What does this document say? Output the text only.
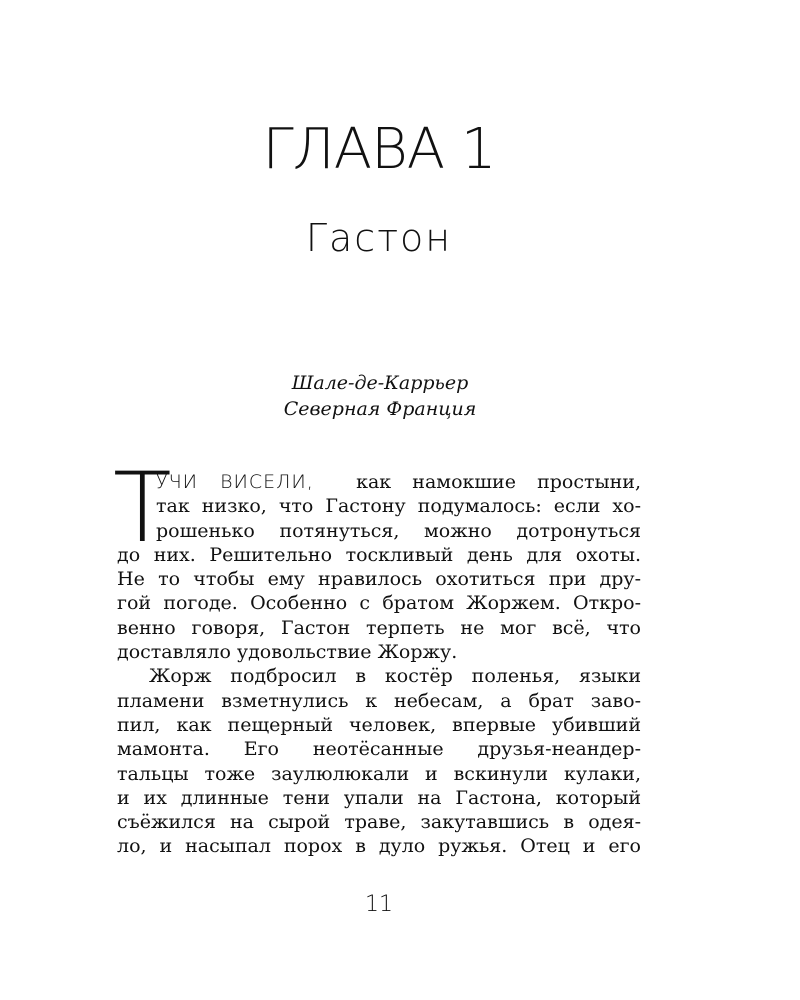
ГЛАВА 1
Гастон
Шале-де-Каррьер
Северная Франция
Т
УЧИ ВИСЕЛИ, как намокшие простыни,
так низко, что Гастону подумалось: если хо-
рошенько потянуться, можно дотронуться
до них. Решительно тоскливый день для охоты.
Не то чтобы ему нравилось охотиться при дру-
гой погоде. Особенно с братом Жоржем. Откро-
венно говоря, Гастон терпеть не мог всё, что
доставляло удовольствие Жоржу.
Жорж подбросил в костёр поленья, языки
пламени взметнулись к небесам, а брат заво-
пил, как пещерный человек, впервые убивший
мамонта. Его неотёсанные друзья-неандер-
тальцы тоже заулюлюкали и вскинули кулаки,
и их длинные тени упали на Гастона, который
съёжился на сырой траве, закутавшись в одея-
ло, и насыпал порох в дуло ружья. Отец и его
11
